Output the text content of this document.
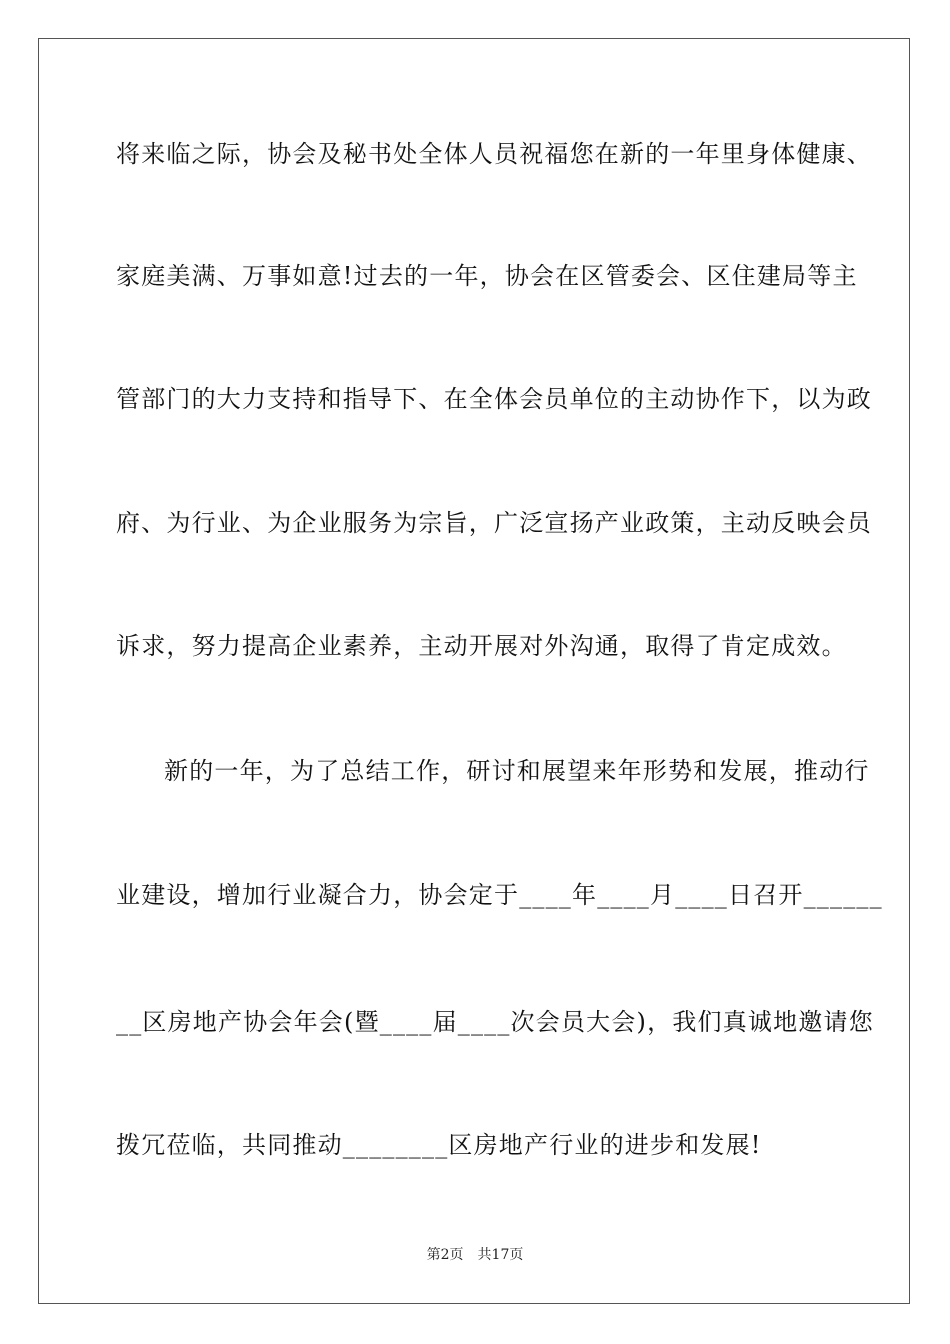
将来临之际，协会及秘书处全体人员祝福您在新的一年里身体健康、
家庭美满、万事如意!过去的一年，协会在区管委会、区住建局等主
管部门的大力支持和指导下、在全体会员单位的主动协作下，以为政
府、为行业、为企业服务为宗旨，广泛宣扬产业政策，主动反映会员
诉求，努力提高企业素养，主动开展对外沟通，取得了肯定成效。
新的一年，为了总结工作，研讨和展望来年形势和发展，推动行
业建设，增加行业凝合力，协会定于____年____月____日召开______
__区房地产协会年会(暨____届____次会员大会)，我们真诚地邀请您
拨冗莅临，共同推动________区房地产行业的进步和发展!
第2页 共17页
